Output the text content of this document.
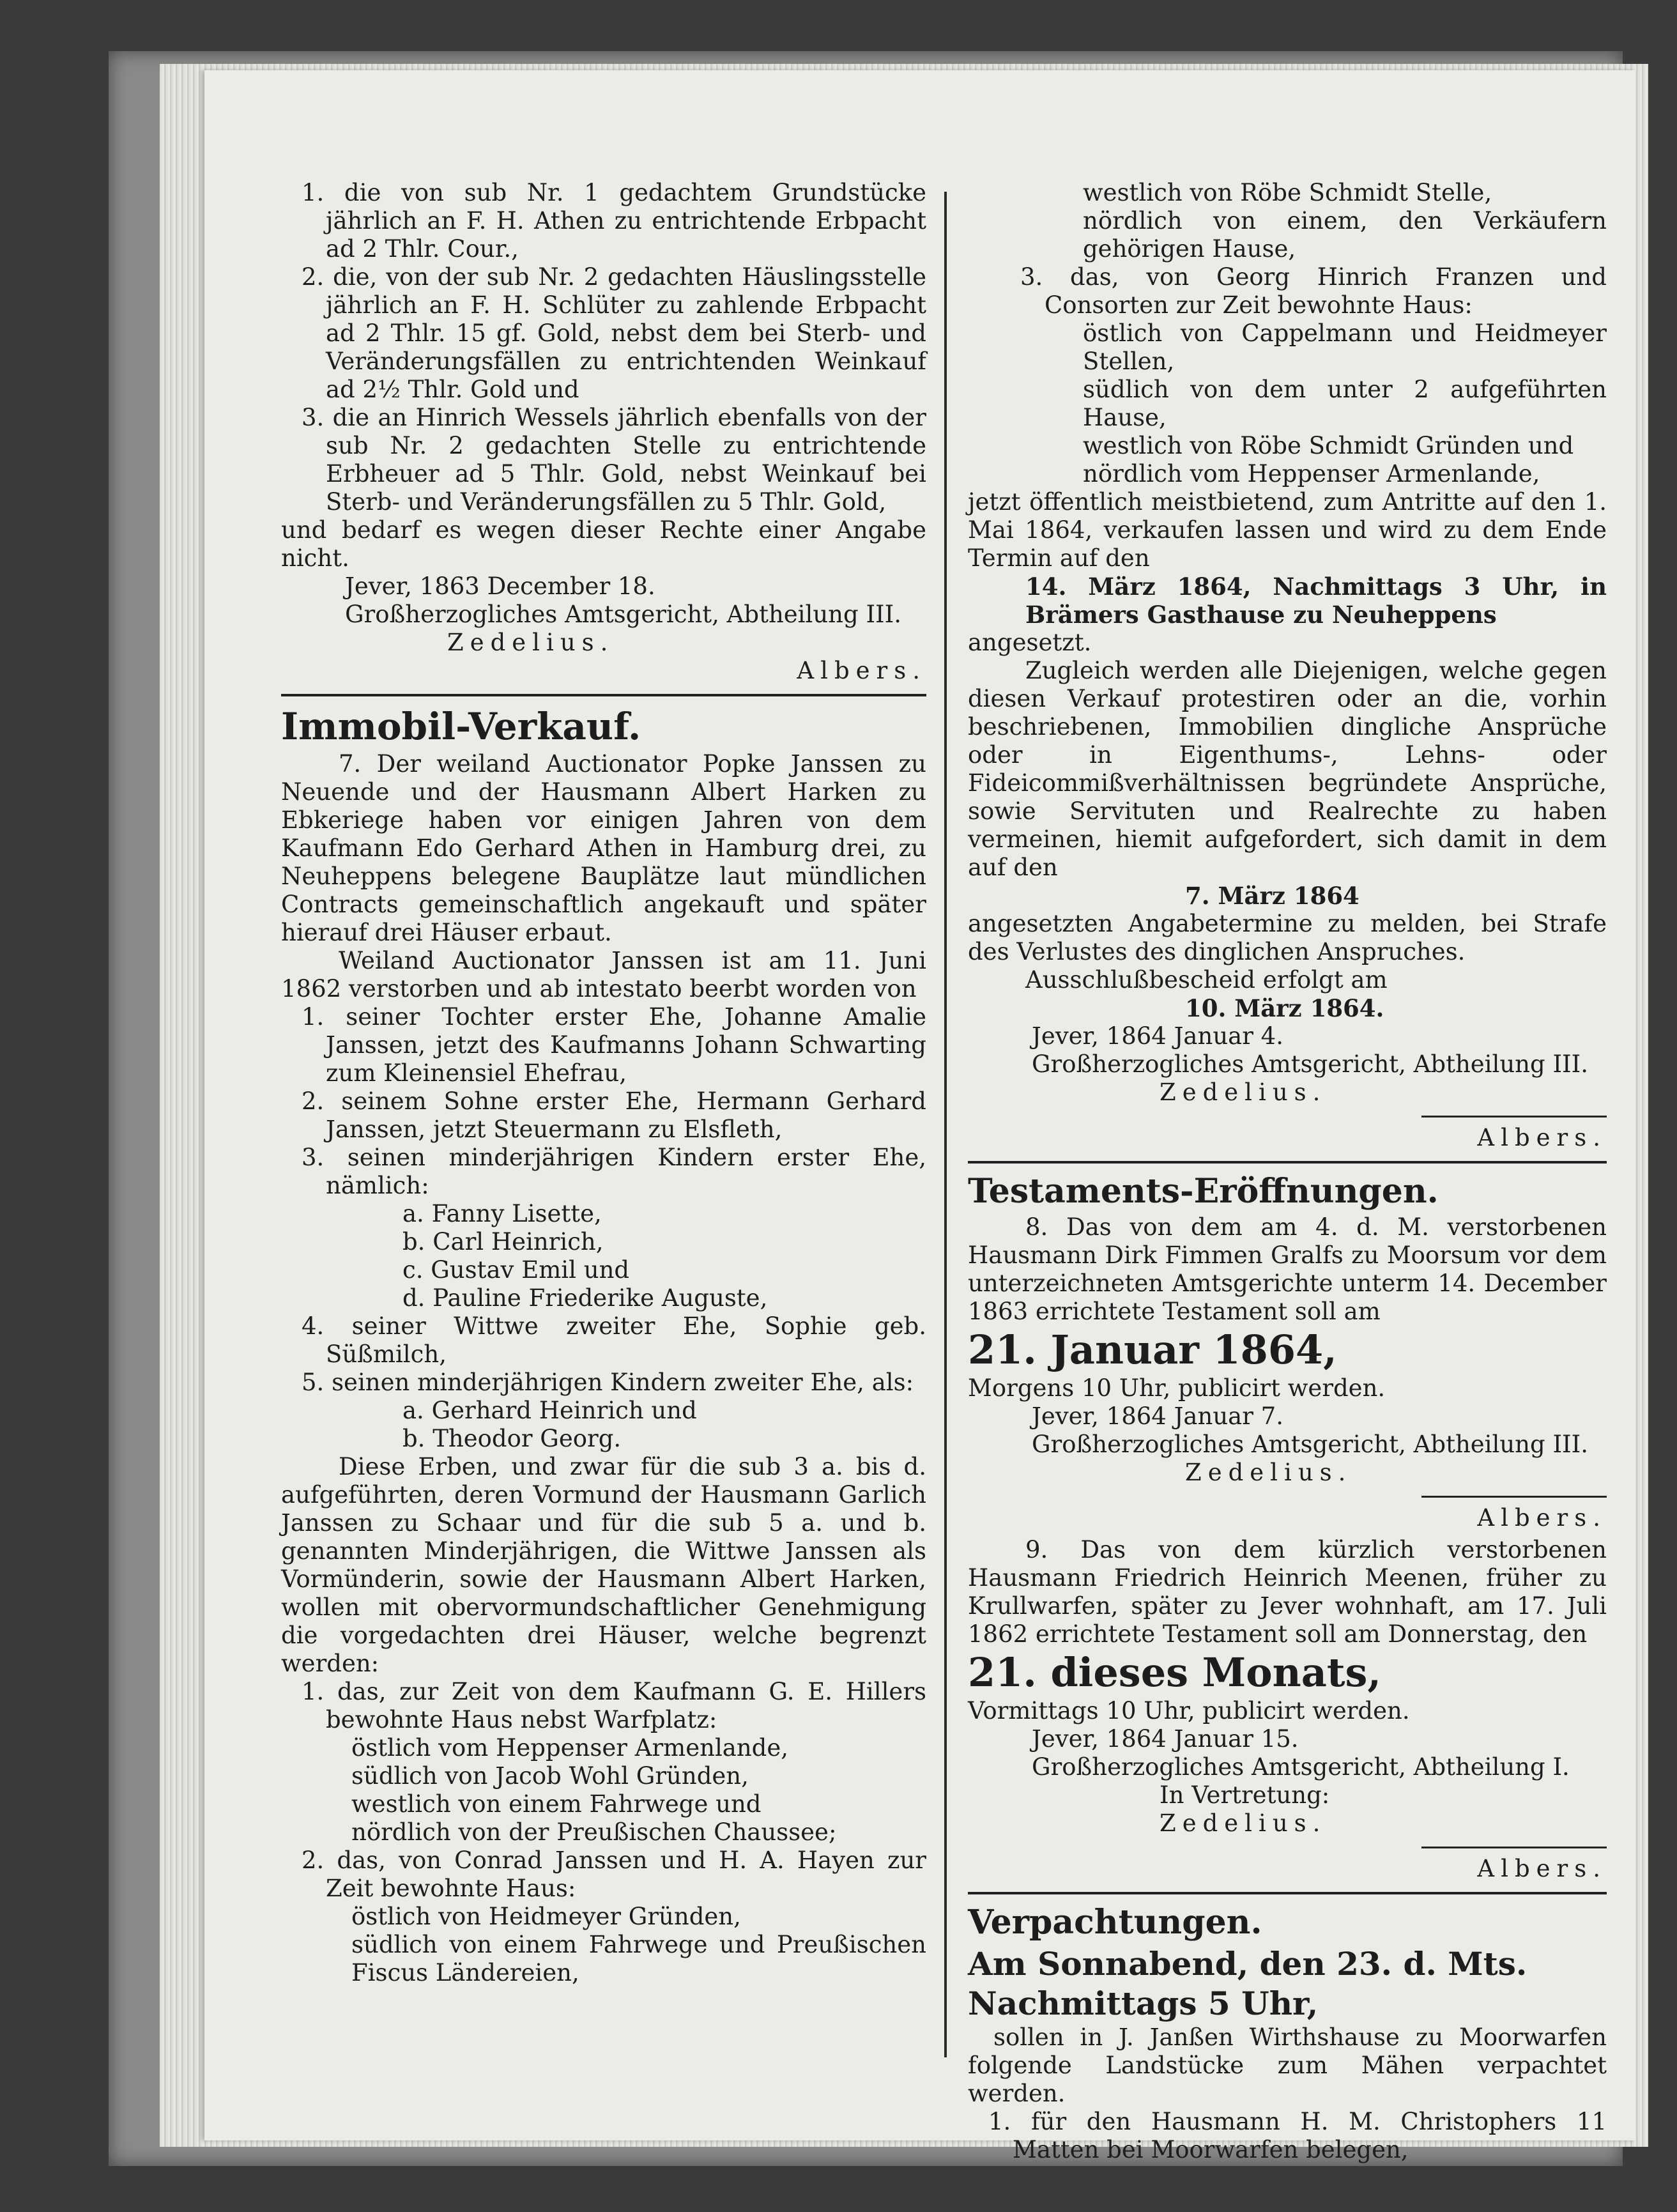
1. die von sub Nr. 1 gedachtem Grundstücke jährlich an F. H. Athen zu entrichtende Erbpacht ad 2 Thlr. Cour.,

2. die, von der sub Nr. 2 gedachten Häuslingsstelle jährlich an F. H. Schlüter zu zahlende Erbpacht ad 2 Thlr. 15 gf. Gold, nebst dem bei Sterb- und Veränderungsfällen zu entrichtenden Weinkauf ad 2½ Thlr. Gold und

3. die an Hinrich Wessels jährlich ebenfalls von der sub Nr. 2 gedachten Stelle zu entrichtende Erbheuer ad 5 Thlr. Gold, nebst Weinkauf bei Sterb- und Veränderungsfällen zu 5 Thlr. Gold,

und bedarf es wegen dieser Rechte einer Angabe nicht.

Jever, 1863 December 18.

Großherzogliches Amtsgericht, Abtheilung III.

Zedelius.

Albers.

Immobil-Verkauf.

7. Der weiland Auctionator Popke Janssen zu Neuende und der Hausmann Albert Harken zu Ebkeriege haben vor einigen Jahren von dem Kaufmann Edo Gerhard Athen in Hamburg drei, zu Neuheppens belegene Bauplätze laut mündlichen Contracts gemeinschaftlich angekauft und später hierauf drei Häuser erbaut.

Weiland Auctionator Janssen ist am 11. Juni 1862 verstorben und ab intestato beerbt worden von

1. seiner Tochter erster Ehe, Johanne Amalie Janssen, jetzt des Kaufmanns Johann Schwarting zum Kleinensiel Ehefrau,

2. seinem Sohne erster Ehe, Hermann Gerhard Janssen, jetzt Steuermann zu Elsfleth,

3. seinen minderjährigen Kindern erster Ehe, nämlich:

a. Fanny Lisette,

b. Carl Heinrich,

c. Gustav Emil und

d. Pauline Friederike Auguste,

4. seiner Wittwe zweiter Ehe, Sophie geb. Süßmilch,

5. seinen minderjährigen Kindern zweiter Ehe, als:

a. Gerhard Heinrich und

b. Theodor Georg.

Diese Erben, und zwar für die sub 3 a. bis d. aufgeführten, deren Vormund der Hausmann Garlich Janssen zu Schaar und für die sub 5 a. und b. genannten Minderjährigen, die Wittwe Janssen als Vormünderin, sowie der Hausmann Albert Harken, wollen mit obervormundschaftlicher Genehmigung die vorgedachten drei Häuser, welche begrenzt werden:

1. das, zur Zeit von dem Kaufmann G. E. Hillers bewohnte Haus nebst Warfplatz:

östlich vom Heppenser Armenlande,

südlich von Jacob Wohl Gründen,

westlich von einem Fahrwege und

nördlich von der Preußischen Chaussee;

2. das, von Conrad Janssen und H. A. Hayen zur Zeit bewohnte Haus:

östlich von Heidmeyer Gründen,

südlich von einem Fahrwege und Preußischen Fiscus Ländereien,

westlich von Röbe Schmidt Stelle,

nördlich von einem, den Verkäufern gehörigen Hause,

3. das, von Georg Hinrich Franzen und Consorten zur Zeit bewohnte Haus:

östlich von Cappelmann und Heidmeyer Stellen,

südlich von dem unter 2 aufgeführten Hause,

westlich von Röbe Schmidt Gründen und

nördlich vom Heppenser Armenlande,

jetzt öffentlich meistbietend, zum Antritte auf den 1. Mai 1864, verkaufen lassen und wird zu dem Ende Termin auf den

14. März 1864, Nachmittags 3 Uhr, in Brämers Gasthause zu Neuheppens

angesetzt.

Zugleich werden alle Diejenigen, welche gegen diesen Verkauf protestiren oder an die, vorhin beschriebenen, Immobilien dingliche Ansprüche oder in Eigenthums-, Lehns- oder Fideicommißverhältnissen begründete Ansprüche, sowie Servituten und Realrechte zu haben vermeinen, hiemit aufgefordert, sich damit in dem auf den

7. März 1864

angesetzten Angabetermine zu melden, bei Strafe des Verlustes des dinglichen Anspruches.

Ausschlußbescheid erfolgt am

10. März 1864.

Jever, 1864 Januar 4.

Großherzogliches Amtsgericht, Abtheilung III.

Zedelius.

Albers.

Testaments-Eröffnungen.

8. Das von dem am 4. d. M. verstorbenen Hausmann Dirk Fimmen Gralfs zu Moorsum vor dem unterzeichneten Amtsgerichte unterm 14. December 1863 errichtete Testament soll am

21. Januar 1864,

Morgens 10 Uhr, publicirt werden.

Jever, 1864 Januar 7.

Großherzogliches Amtsgericht, Abtheilung III.

Zedelius.

Albers.

9. Das von dem kürzlich verstorbenen Hausmann Friedrich Heinrich Meenen, früher zu Krullwarfen, später zu Jever wohnhaft, am 17. Juli 1862 errichtete Testament soll am Donnerstag, den

21. dieses Monats,

Vormittags 10 Uhr, publicirt werden.

Jever, 1864 Januar 15.

Großherzogliches Amtsgericht, Abtheilung I.

In Vertretung:

Zedelius.

Albers.

Verpachtungen.

Am Sonnabend, den 23. d. Mts.

Nachmittags 5 Uhr,

sollen in J. Janßen Wirthshause zu Moorwarfen folgende Landstücke zum Mähen verpachtet werden.

1. für den Hausmann H. M. Christophers 11 Matten bei Moorwarfen belegen,
